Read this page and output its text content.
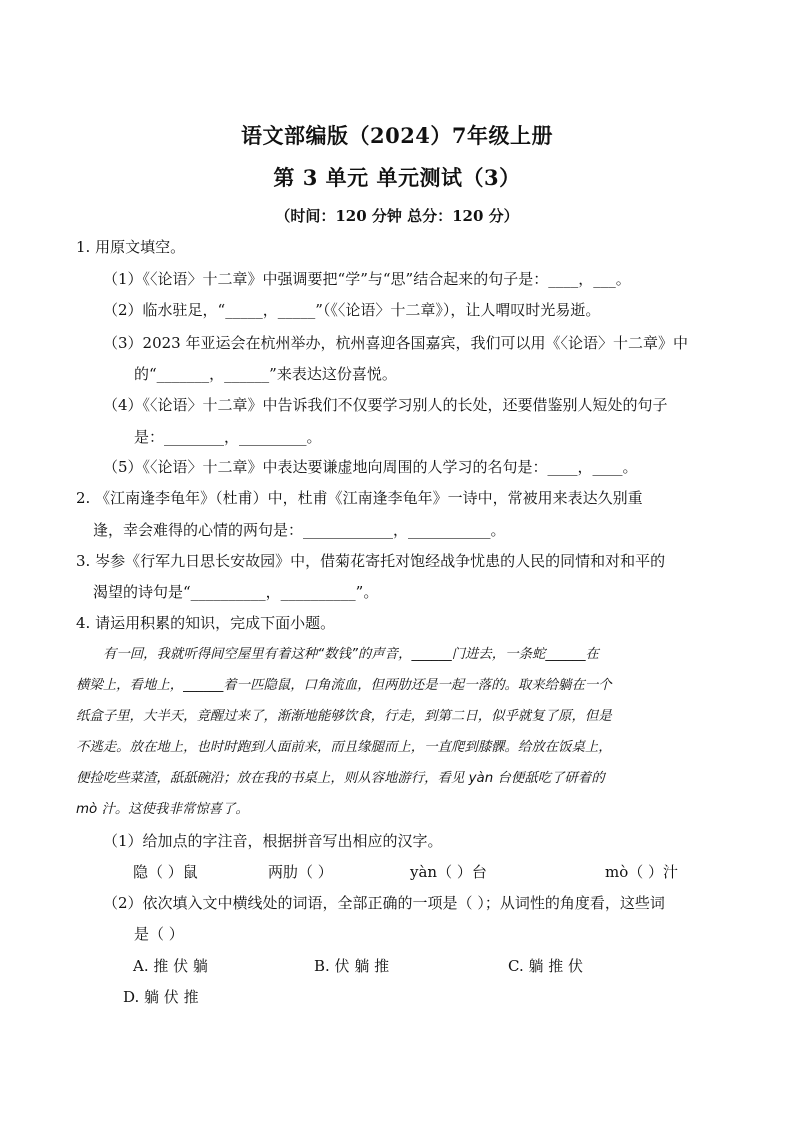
语文部编版（2024）7年级上册
第 3 单元 单元测试（3）
（时间：120 分钟 总分：120 分）
1. 用原文填空。
（1）《〈论语〉十二章》中强调要把“学”与“思”结合起来的句子是：____，___。
（2）临水驻足，“_____，_____”（《〈论语〉十二章》），让人喟叹时光易逝。
（3）2023 年亚运会在杭州举办，杭州喜迎各国嘉宾，我们可以用《〈论语〉十二章》中
的“_______，______”来表达这份喜悦。
（4）《〈论语〉十二章》中告诉我们不仅要学习别人的长处，还要借鉴别人短处的句子
是：________，_________。
（5）《〈论语〉十二章》中表达要谦虚地向周围的人学习的名句是：____，____。
2. 《江南逢李龟年》（杜甫）中，杜甫《江南逢李龟年》一诗中，常被用来表达久别重
逢，幸会难得的心情的两句是：____________，___________。
3. 岑参《行军九日思长安故园》中，借菊花寄托对饱经战争忧患的人民的同情和对和平的
渴望的诗句是“__________，__________”。
4. 请运用积累的知识，完成下面小题。
有一回，我就听得间空屋里有着这种“数钱”的声音，______门进去，一条蛇______在
横梁上，看地上，______着一匹隐鼠，口角流血，但两肋还是一起一落的。取来给躺在一个
纸盒子里，大半天，竟醒过来了，渐渐地能够饮食，行走，到第二日，似乎就复了原，但是
不逃走。放在地上，也时时跑到人面前来，而且缘腿而上，一直爬到膝髁。给放在饭桌上，
便捡吃些菜渣，舐舐碗沿；放在我的书桌上，则从容地游行，看见 yàn 台便舐吃了研着的
mò 汁。这使我非常惊喜了。
（1）给加点的字注音，根据拼音写出相应的汉字。
隐（ ）鼠	两肋（ ）	yàn（ ）台	mò（ ）汁
（2）依次填入文中横线处的词语，全部正确的一项是（ ）；从词性的角度看，这些词
是（ ）
A. 推 伏 躺	B. 伏 躺 推	C. 躺 推 伏
D. 躺 伏 推
